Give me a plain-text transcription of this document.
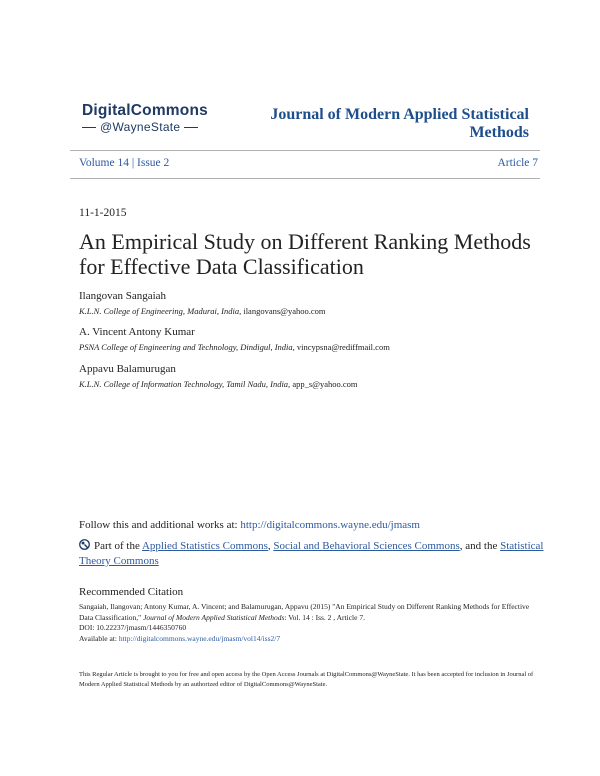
DigitalCommons
@WayneState
Journal of Modern Applied Statistical
Methods
Volume 14 | Issue 2	Article 7
11-1-2015
An Empirical Study on Different Ranking Methods
for Effective Data Classification
Ilangovan Sangaiah
K.L.N. College of Engineering, Madurai, India, ilangovans@yahoo.com
A. Vincent Antony Kumar
PSNA College of Engineering and Technology, Dindigul, India, vincypsna@rediffmail.com
Appavu Balamurugan
K.L.N. College of Information Technology, Tamil Nadu, India, app_s@yahoo.com
Follow this and additional works at: http://digitalcommons.wayne.edu/jmasm
Part of the Applied Statistics Commons, Social and Behavioral Sciences Commons, and the Statistical Theory Commons
Recommended Citation
Sangaiah, Ilangovan; Antony Kumar, A. Vincent; and Balamurugan, Appavu (2015) "An Empirical Study on Different Ranking Methods for Effective Data Classification," Journal of Modern Applied Statistical Methods: Vol. 14 : Iss. 2 , Article 7.
DOI: 10.22237/jmasm/1446350760
Available at: http://digitalcommons.wayne.edu/jmasm/vol14/iss2/7
This Regular Article is brought to you for free and open access by the Open Access Journals at DigitalCommons@WayneState. It has been accepted for inclusion in Journal of Modern Applied Statistical Methods by an authorized editor of DigitalCommons@WayneState.
